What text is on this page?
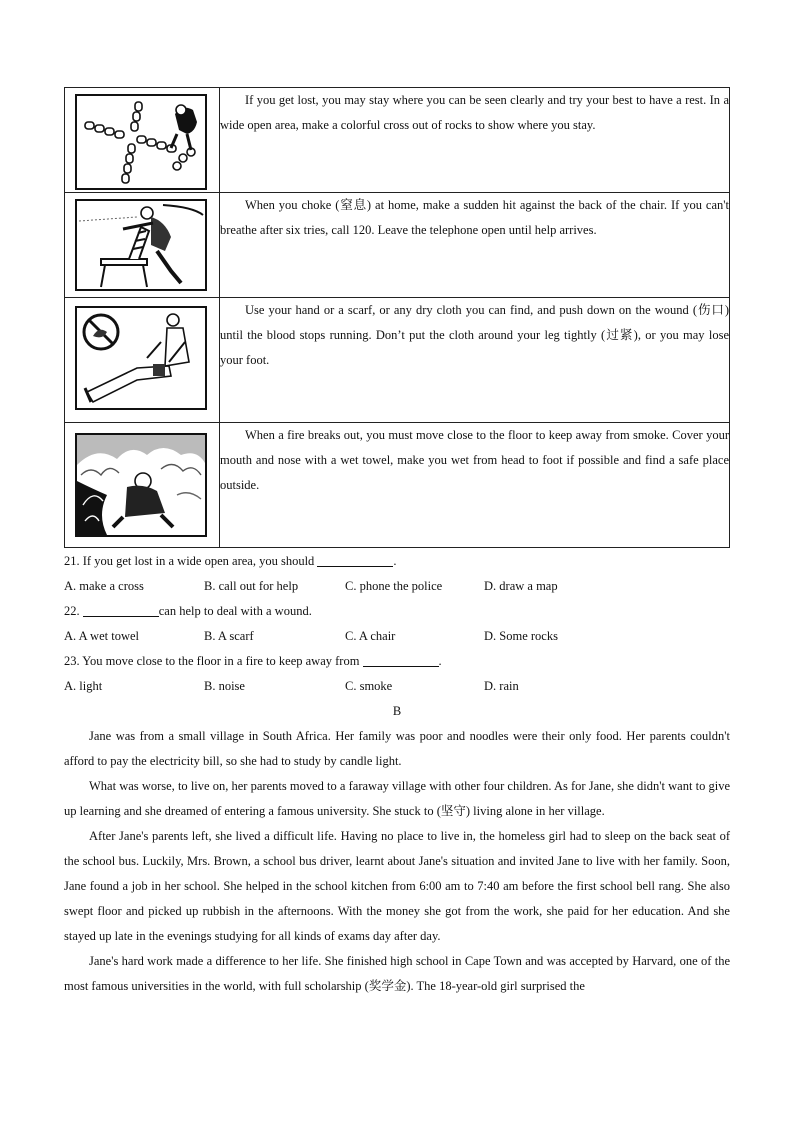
If you get lost, you may stay where you can be seen clearly and try your best to have a rest. In a wide open area, make a colorful cross out of rocks to show where you stay.

When you choke (窒息) at home, make a sudden hit against the back of the chair. If you can't breathe after six tries, call 120. Leave the telephone open until help arrives.

Use your hand or a scarf, or any dry cloth you can find, and push down on the wound (伤口) until the blood stops running. Don’t put the cloth around your leg tightly (过紧), or you may lose your foot.

When a fire breaks out, you must move close to the floor to keep away from smoke. Cover your mouth and nose with a wet towel, make you wet from head to foot if possible and find a safe place outside.

21. If you get lost in a wide open area, you should	.

A. make a cross	B. call out for help	C. phone the police	D. draw a map

22.	can help to deal with a wound.

A. A wet towel	B. A scarf	C. A chair	D. Some rocks

23. You move close to the floor in a fire to keep away from	.

A. light	B. noise	C. smoke	D. rain

B

Jane was from a small village in South Africa. Her family was poor and noodles were their only food. Her parents couldn't afford to pay the electricity bill, so she had to study by candle light.

What was worse, to live on, her parents moved to a faraway village with other four children. As for Jane, she didn't want to give up learning and she dreamed of entering a famous university. She stuck to (坚守) living alone in her village.

After Jane's parents left, she lived a difficult life. Having no place to live in, the homeless girl had to sleep on the back seat of the school bus. Luckily, Mrs. Brown, a school bus driver, learnt about Jane's situation and invited Jane to live with her family. Soon, Jane found a job in her school. She helped in the school kitchen from 6:00 am to 7:40 am before the first school bell rang. She also swept floor and picked up rubbish in the afternoons. With the money she got from the work, she paid for her education. And she stayed up late in the evenings studying for all kinds of exams day after day.

Jane's hard work made a difference to her life. She finished high school in Cape Town and was accepted by Harvard, one of the most famous universities in the world, with full scholarship (奖学金). The 18-year-old girl surprised the
